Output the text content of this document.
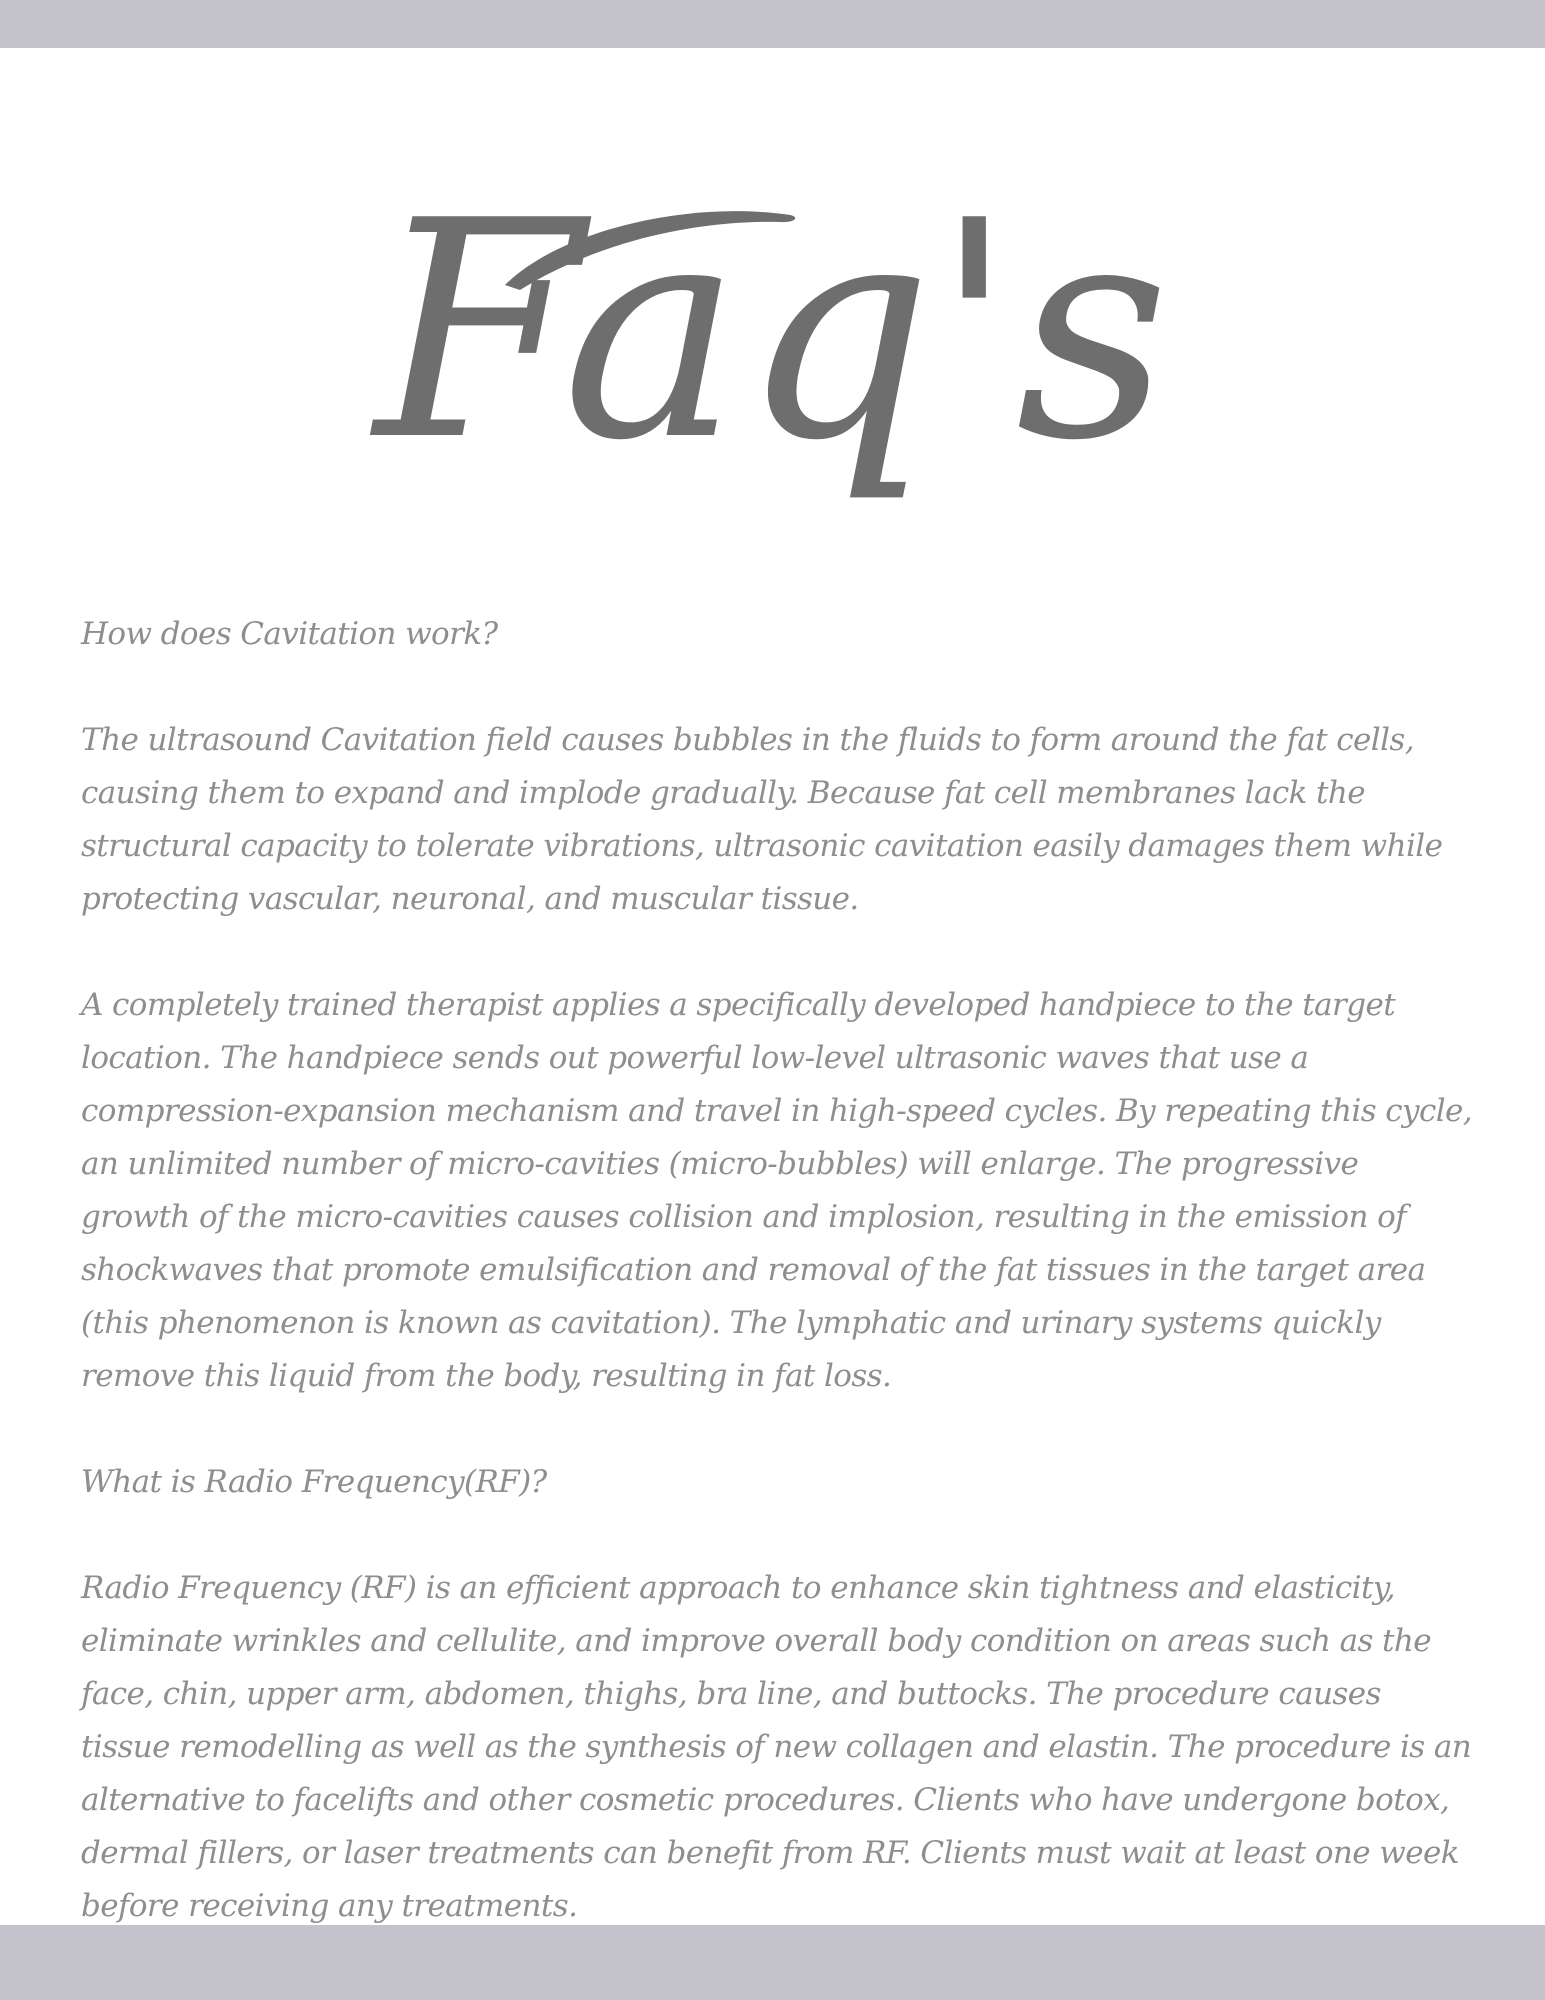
Faq's

How does Cavitation work?

The ultrasound Cavitation field causes bubbles in the fluids to form around the fat cells, causing them to expand and implode gradually. Because fat cell membranes lack the structural capacity to tolerate vibrations, ultrasonic cavitation easily damages them while protecting vascular, neuronal, and muscular tissue.

A completely trained therapist applies a specifically developed handpiece to the target location. The handpiece sends out powerful low-level ultrasonic waves that use a compression-expansion mechanism and travel in high-speed cycles. By repeating this cycle, an unlimited number of micro-cavities (micro-bubbles) will enlarge. The progressive growth of the micro-cavities causes collision and implosion, resulting in the emission of shockwaves that promote emulsification and removal of the fat tissues in the target area (this phenomenon is known as cavitation). The lymphatic and urinary systems quickly remove this liquid from the body, resulting in fat loss.

What is Radio Frequency(RF)?

Radio Frequency (RF) is an efficient approach to enhance skin tightness and elasticity, eliminate wrinkles and cellulite, and improve overall body condition on areas such as the face, chin, upper arm, abdomen, thighs, bra line, and buttocks. The procedure causes tissue remodelling as well as the synthesis of new collagen and elastin. The procedure is an alternative to facelifts and other cosmetic procedures. Clients who have undergone botox, dermal fillers, or laser treatments can benefit from RF. Clients must wait at least one week before receiving any treatments.
